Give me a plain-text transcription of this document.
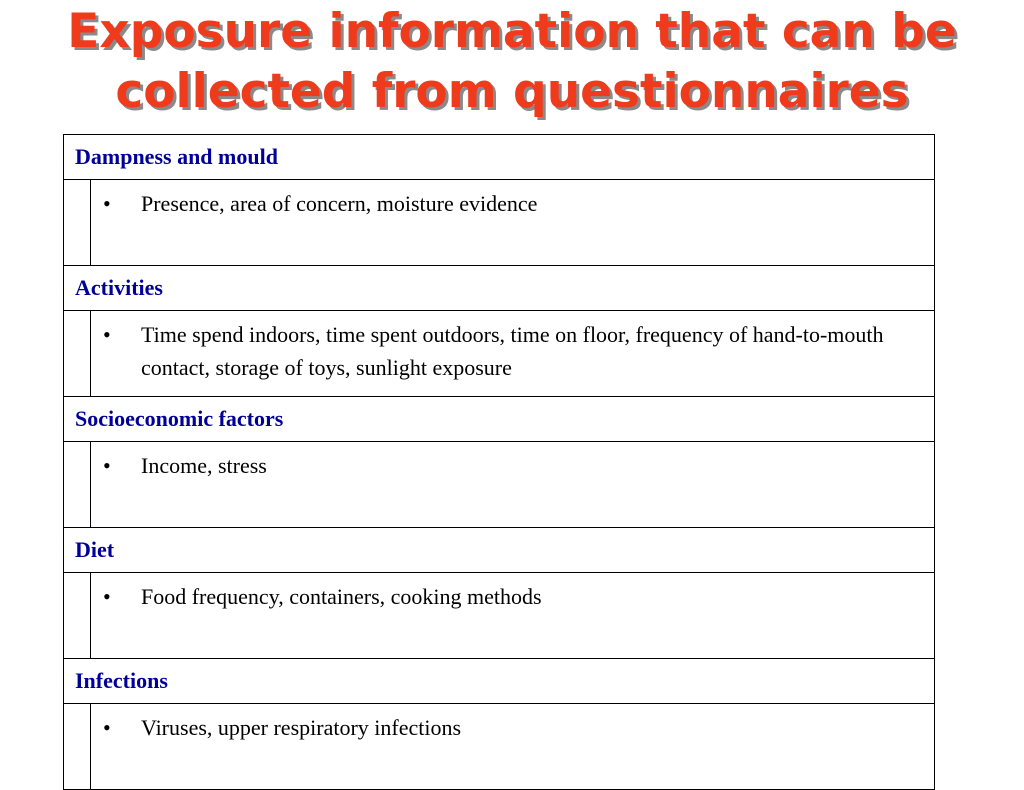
Exposure information that can be
collected from questionnaires
Dampness and mould	

	• Presence, area of concern, moisture evidence

Activities	

	• Time spend indoors, time spent outdoors, time on floor, frequency of hand-to-mouth contact, storage of toys, sunlight exposure

Socioeconomic factors	

	• Income, stress

Diet	

	• Food frequency, containers, cooking methods

Infections	

	• Viruses, upper respiratory infections
